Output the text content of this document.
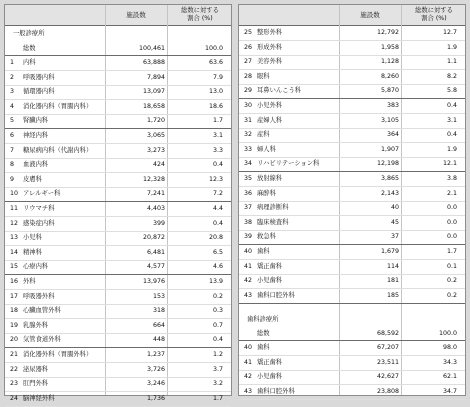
施設数
総数に対する
割合 (%)
一般診療所
総数	100,461	100.0
1	内科	63,888	63.6
2	呼吸器内科	7,894	7.9
3	循環器内科	13,097	13.0
4	消化器内科（胃腸内科）	18,658	18.6
5	腎臓内科	1,720	1.7
6	神経内科	3,065	3.1
7	糖尿病内科（代謝内科）	3,273	3.3
8	血液内科	424	0.4
9	皮膚科	12,328	12.3
10 アレルギー科	7,241	7.2
11 リウマチ科	4,403	4.4
12 感染症内科	399	0.4
13 小児科	20,872	20.8
14 精神科	6,481	6.5
15 心療内科	4,577	4.6
16 外科	13,976	13.9
17 呼吸器外科	153	0.2
18 心臓血管外科	318	0.3
19 乳腺外科	664	0.7
20 気管食道外科	448	0.4
21 消化器外科（胃腸外科）	1,237	1.2
22 泌尿器科	3,726	3.7
23 肛門外科	3,246	3.2
24 脳神経外科	1,736	1.7
施設数
総数に対する
割合 (%)
25 整形外科	12,792	12.7
26 形成外科	1,958	1.9
27 美容外科	1,128	1.1
28 眼科	8,260	8.2
29 耳鼻いんこう科	5,870	5.8
30 小児外科	383	0.4
31 産婦人科	3,105	3.1
32 産科	364	0.4
33 婦人科	1,907	1.9
34 リハビリテーション科	12,198	12.1
35 放射線科	3,865	3.8
36 麻酔科	2,143	2.1
37 病理診断科	40	0.0
38 臨床検査科	45	0.0
39 救急科	37	0.0
40 歯科	1,679	1.7
41 矯正歯科	114	0.1
42 小児歯科	181	0.2
43 歯科口腔外科	185	0.2
歯科診療所
総数	68,592	100.0
40 歯科	67,207	98.0
41 矯正歯科	23,511	34.3
42 小児歯科	42,627	62.1
43 歯科口腔外科	23,808	34.7
